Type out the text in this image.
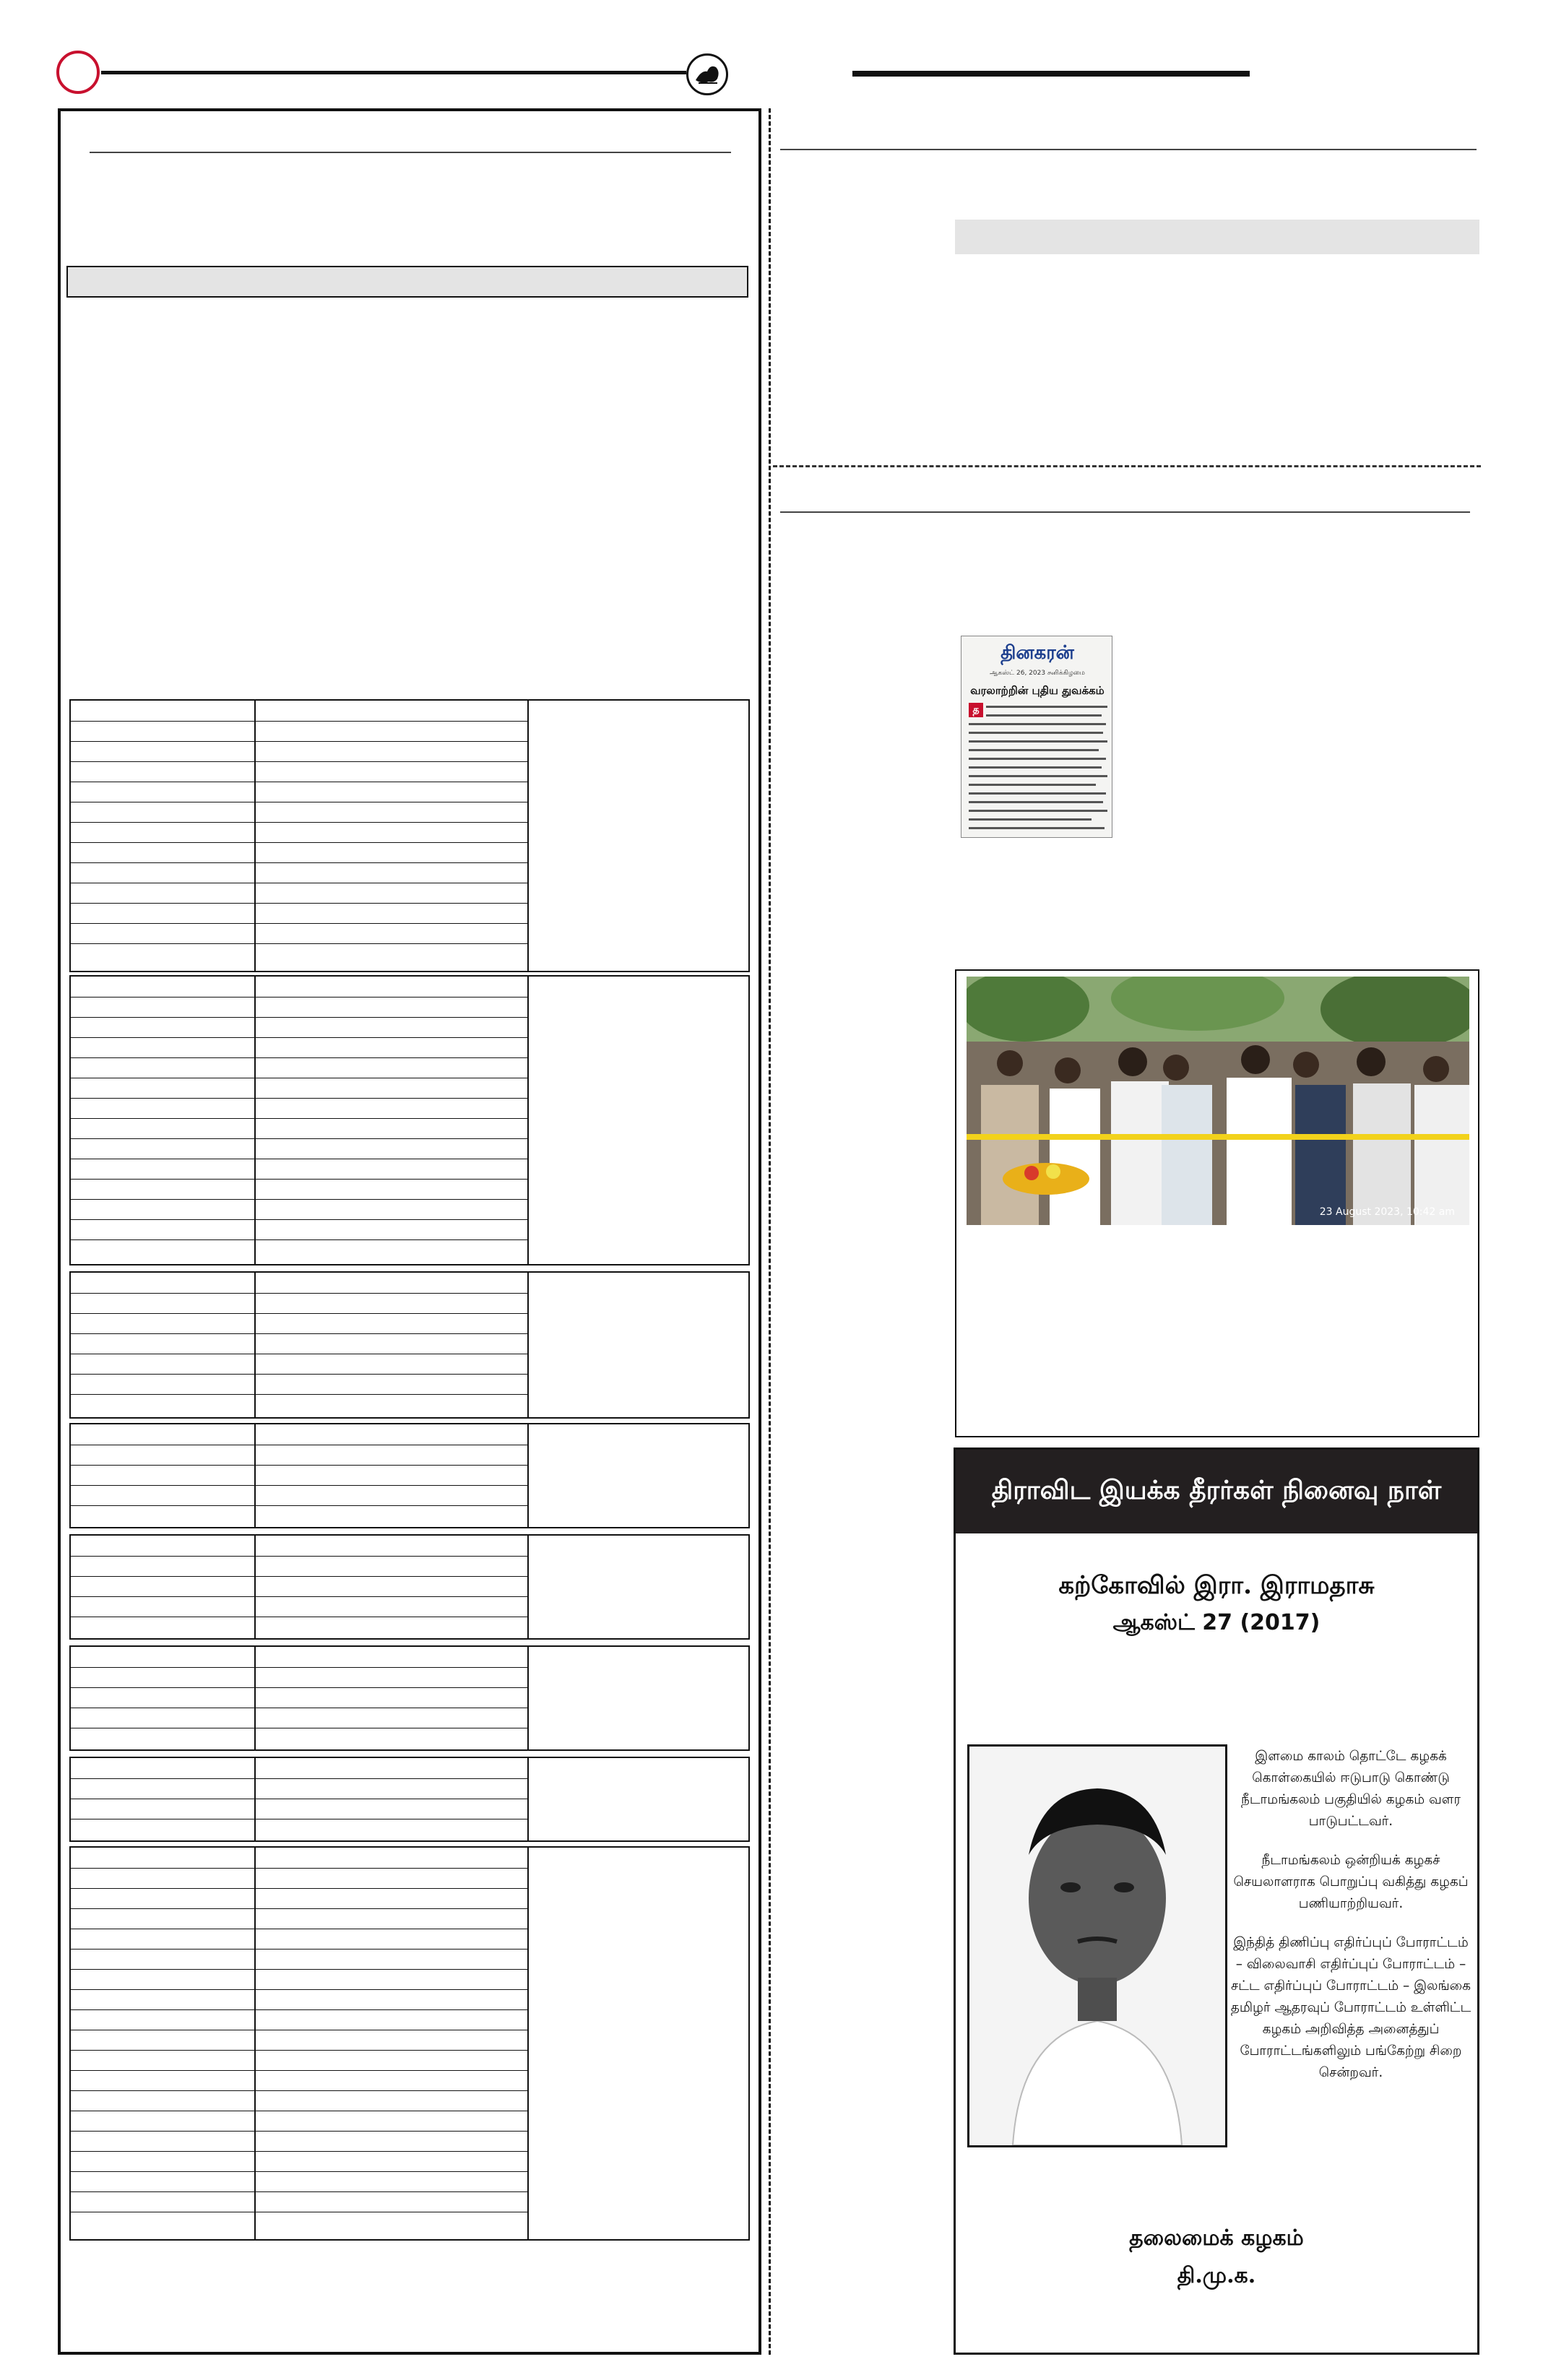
தினகரன்
ஆகஸ்ட் 26, 2023 சனிக்கிழமை
வரலாற்றின் புதிய துவக்கம்
த
23 August 2023, 10:42 am
திராவிட இயக்க தீரர்கள் நினைவு நாள்
கற்கோவில் இரா. இராமதாசு
ஆகஸ்ட் 27 (2017)

இளமை காலம் தொட்டே கழகக் கொள்கையில் ஈடுபாடு கொண்டு நீடாமங்கலம் பகுதியில் கழகம் வளர பாடுபட்டவர்.

நீடாமங்கலம் ஒன்றியக் கழகச் செயலாளராக பொறுப்பு வகித்து கழகப் பணியாற்றியவர்.

இந்தித் திணிப்பு எதிர்ப்புப் போராட்டம் – விலைவாசி எதிர்ப்புப் போராட்டம் – சட்ட எதிர்ப்புப் போராட்டம் – இலங்கை தமிழர் ஆதரவுப் போராட்டம் உள்ளிட்ட கழகம் அறிவித்த அனைத்துப் போராட்டங்களிலும் பங்கேற்று சிறை சென்றவர்.

தலைமைக் கழகம்
தி.மு.க.
